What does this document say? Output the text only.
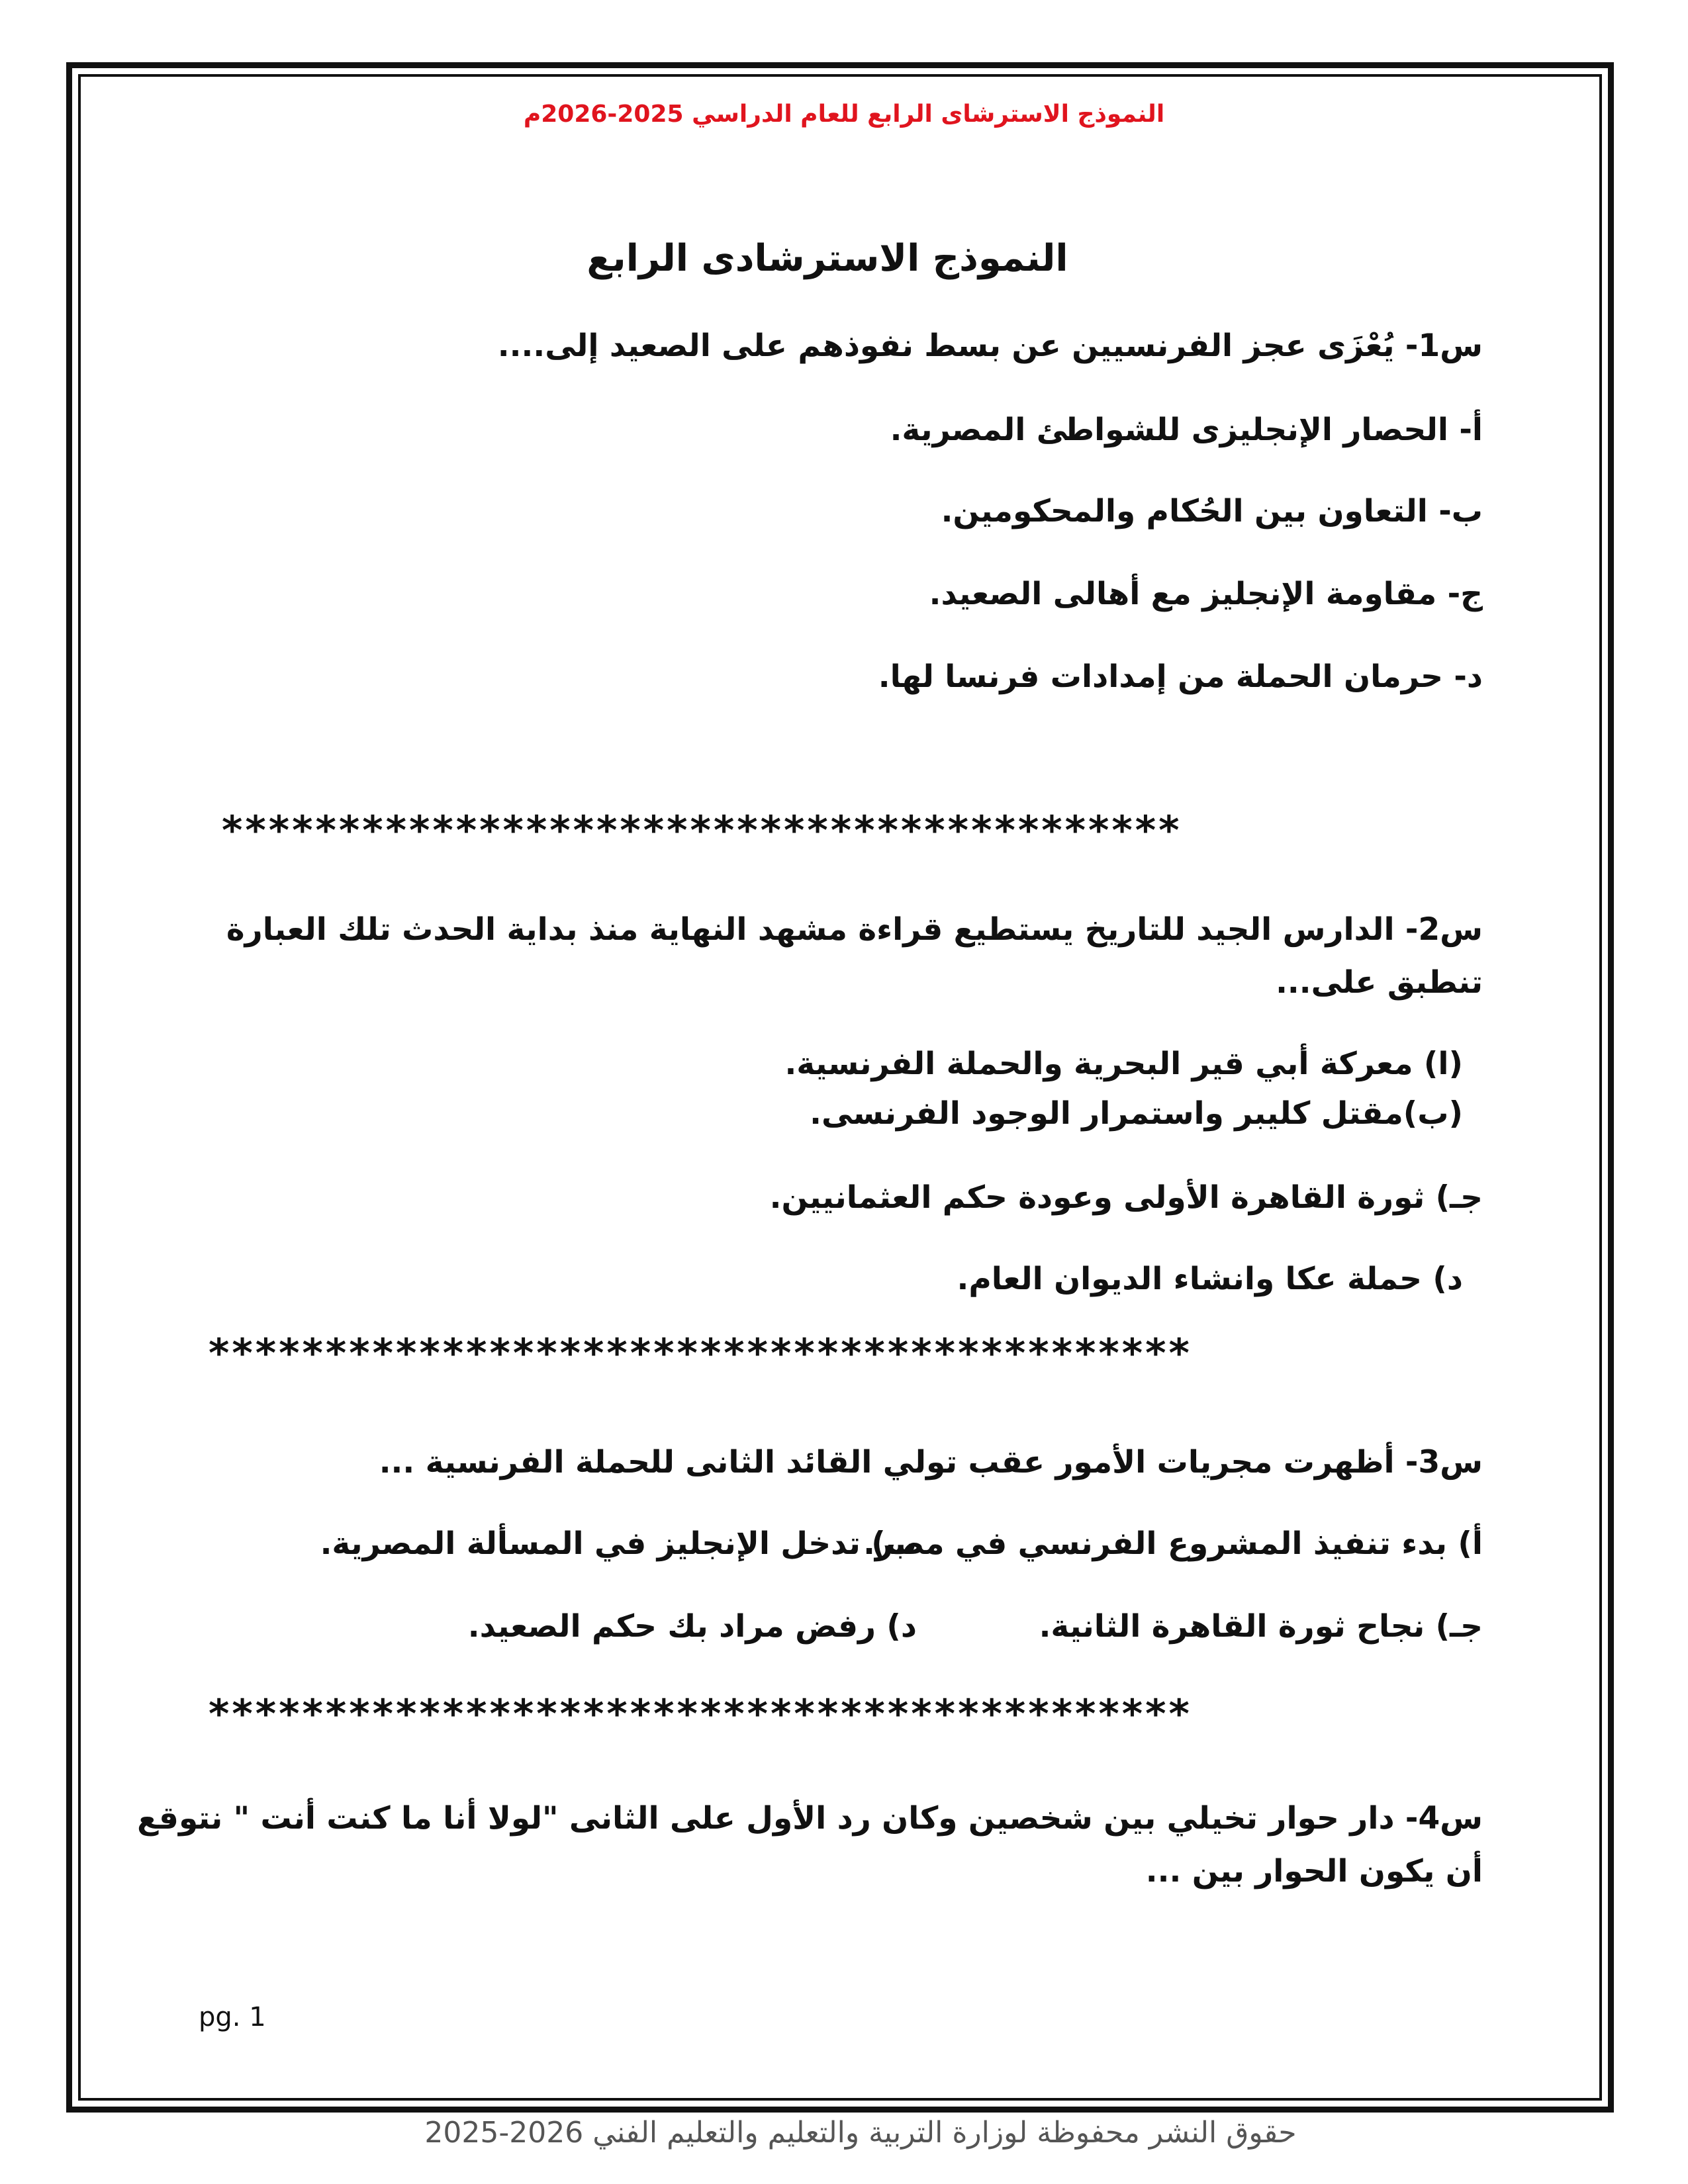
النموذج الاسترشاى الرابع للعام الدراسي 2025-2026م
النموذج الاسترشادى الرابع
س1- يُعْزَى عجز الفرنسيين عن بسط نفوذهم على الصعيد إلى....
أ- الحصار الإنجليزى للشواطئ المصرية.
ب- التعاون بين الحُكام والمحكومين.
ج- مقاومة الإنجليز مع أهالى الصعيد.
د- حرمان الحملة من إمدادات فرنسا لها.
*****************************************
س2- الدارس الجيد للتاريخ يستطيع قراءة مشهد النهاية منذ بداية الحدث تلك العبارة
تنطبق على...
(ا) معركة أبي قير البحرية والحملة الفرنسية.
(ب)مقتل كليبر واستمرار الوجود الفرنسى.
جـ) ثورة القاهرة الأولى وعودة حكم العثمانيين.
د) حملة عكا وانشاء الديوان العام.
******************************************
س3- أظهرت مجريات الأمور عقب تولي القائد الثانى للحملة الفرنسية ...
أ) بدء تنفيذ المشروع الفرنسي في مصر.
ب) تدخل الإنجليز في المسألة المصرية.
جـ) نجاح ثورة القاهرة الثانية.
د) رفض مراد بك حكم الصعيد.
******************************************
س4- دار حوار تخيلي بين شخصين وكان رد الأول على الثانى "لولا أنا ما كنت أنت " نتوقع
أن يكون الحوار بين ...
pg. 1
حقوق النشر محفوظة لوزارة التربية والتعليم والتعليم الفني 2026-2025
